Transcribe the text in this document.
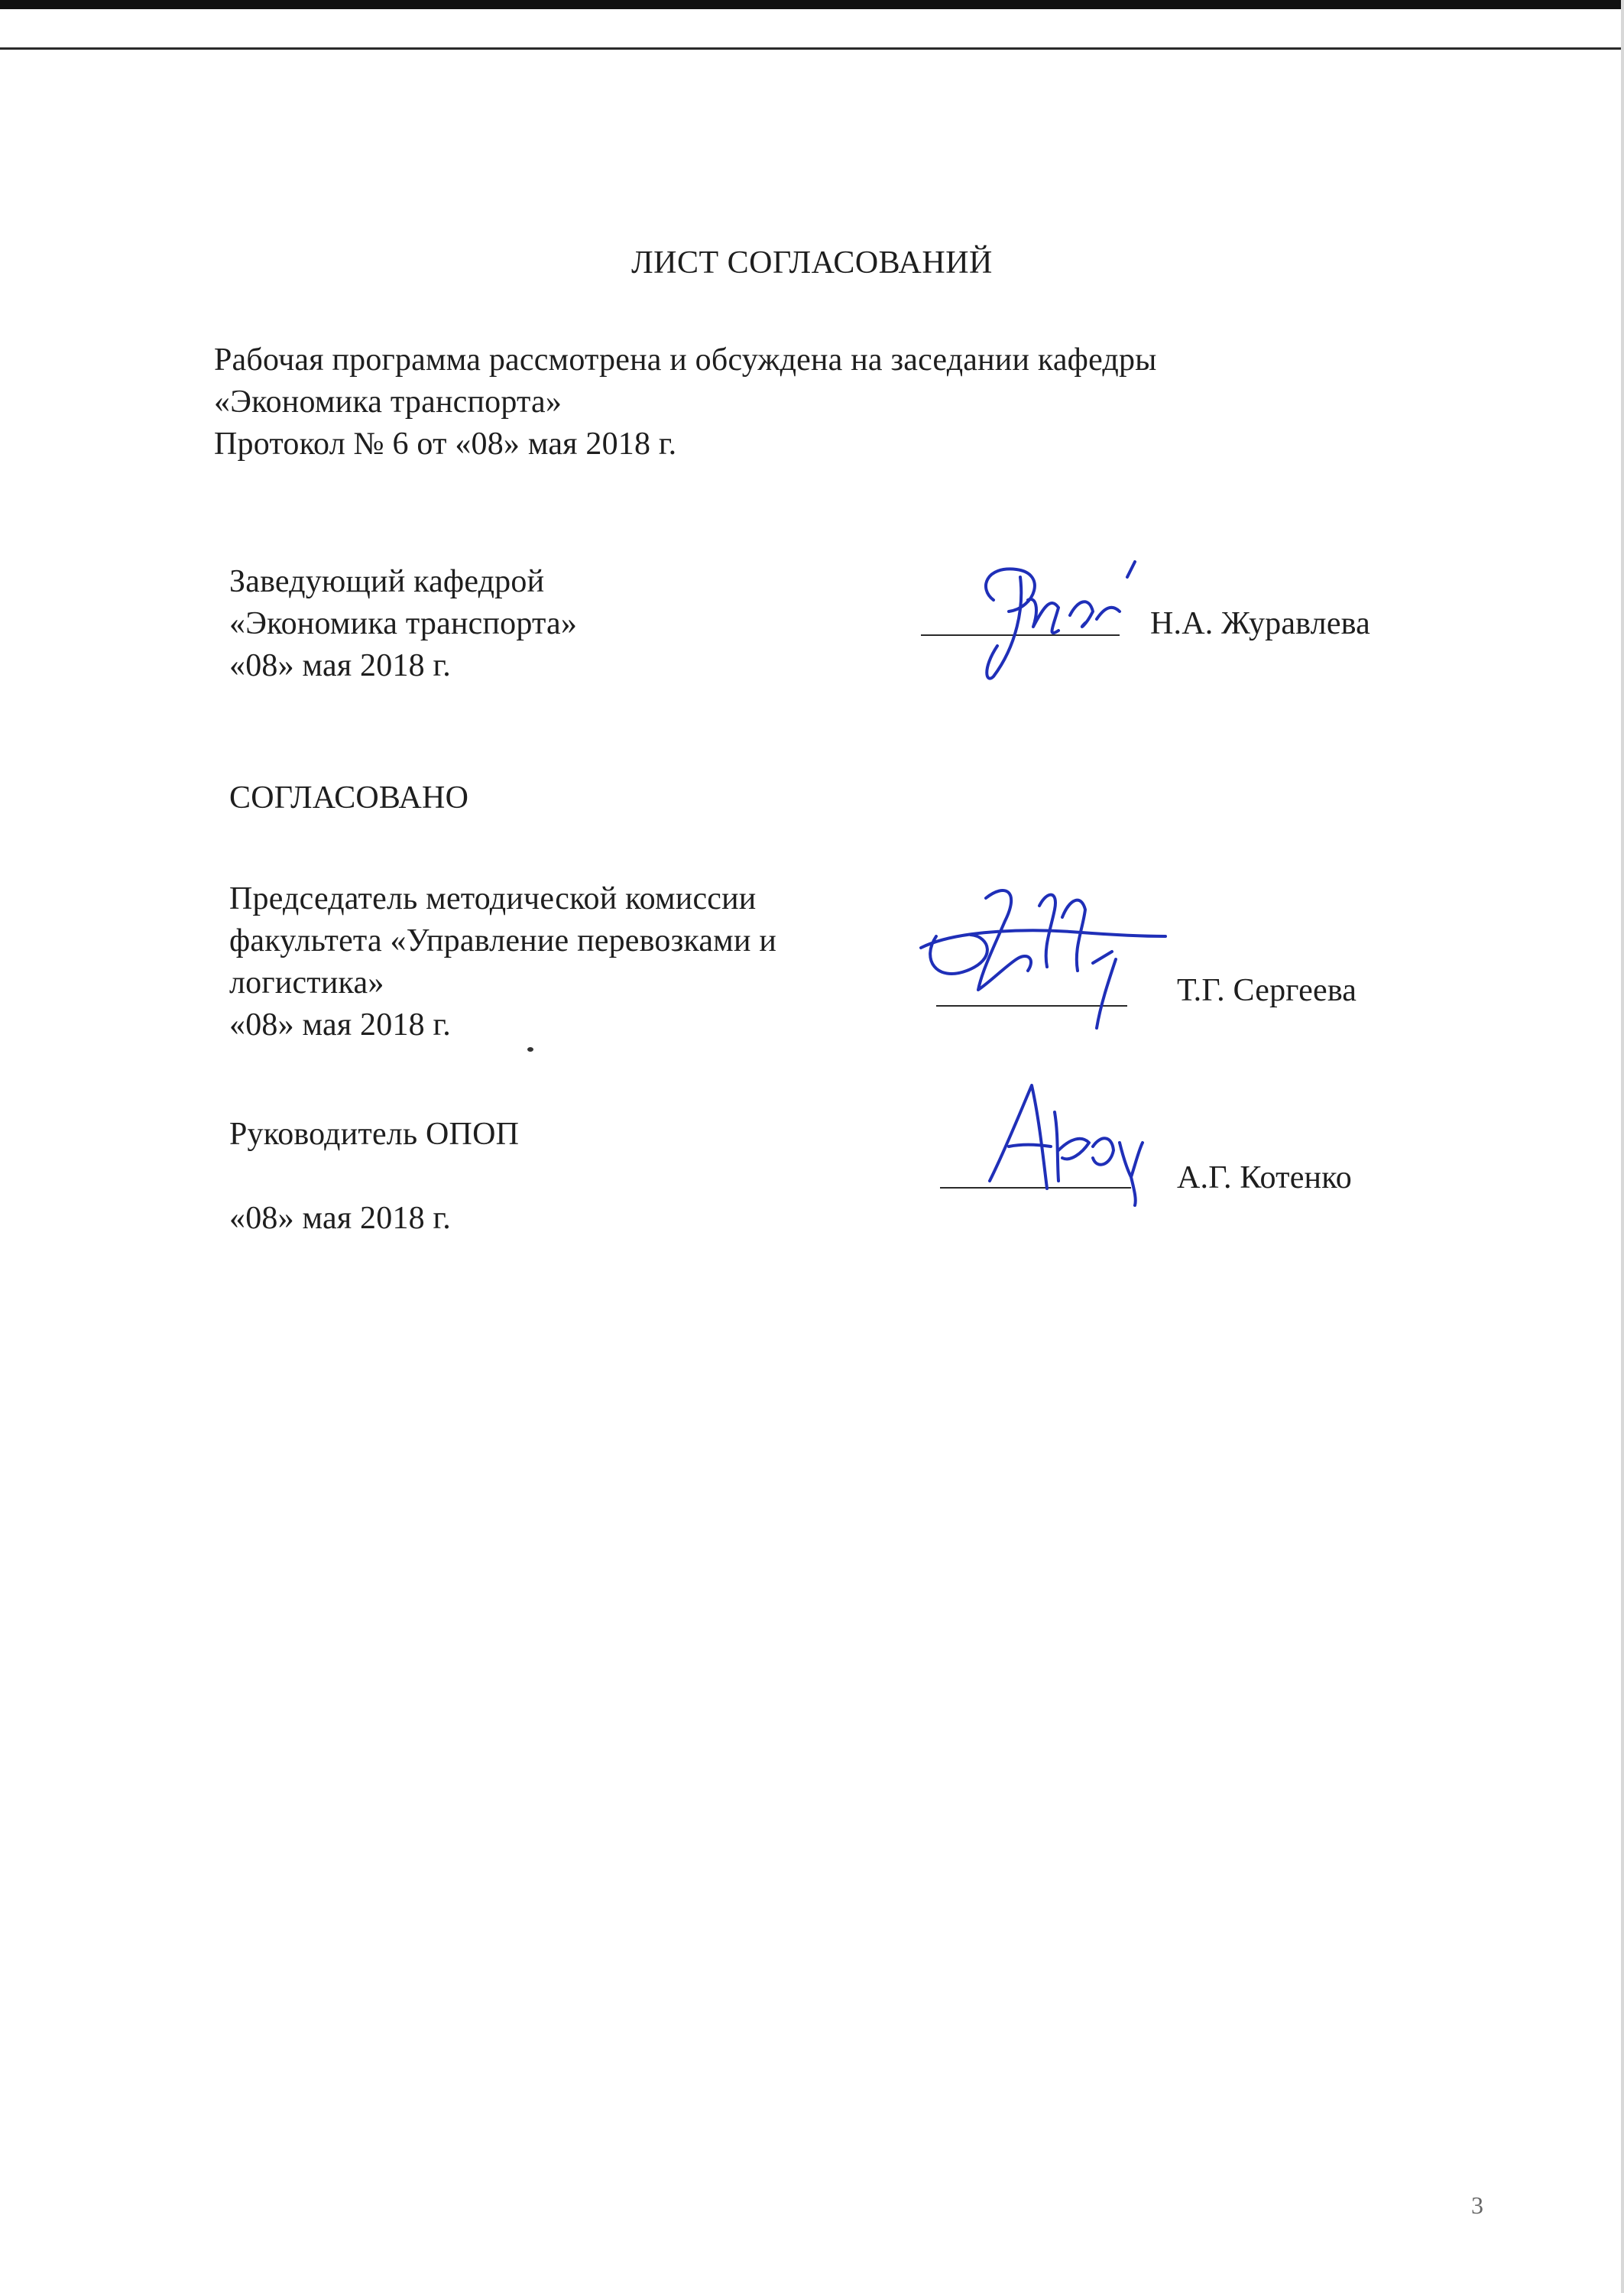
ЛИСТ СОГЛАСОВАНИЙ
Рабочая программа рассмотрена и обсуждена на заседании кафедры
«Экономика транспорта»
Протокол № 6 от «08» мая 2018 г.
Заведующий кафедрой
«Экономика транспорта»
«08» мая 2018 г.
Н.А. Журавлева
СОГЛАСОВАНО
Председатель методической комиссии
факультета «Управление перевозками и
логистика»
«08» мая 2018 г.
Т.Г. Сергеева
Руководитель ОПОП
«08» мая 2018 г.
А.Г. Котенко
3
